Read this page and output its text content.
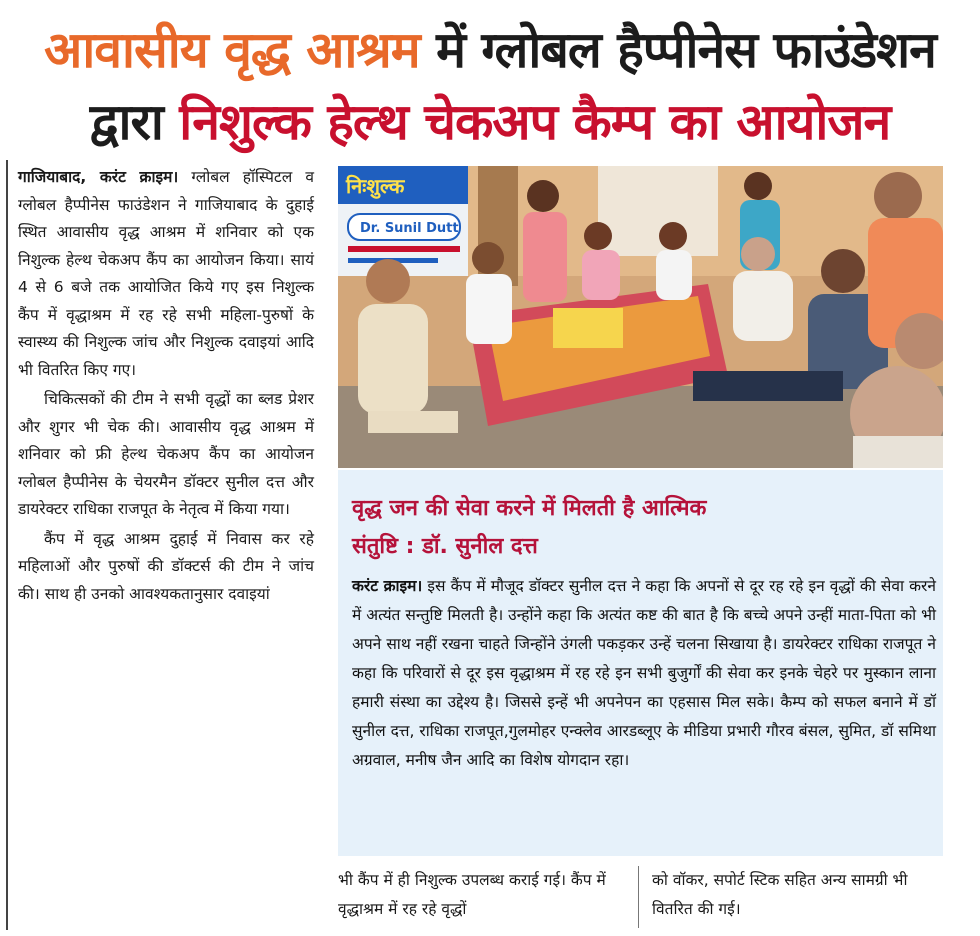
आवासीय वृद्ध आश्रम में ग्लोबल हैप्पीनेस फाउंडेशन
द्वारा निशुल्क हेल्थ चेकअप कैम्प का आयोजन

गाजियाबाद, करंट क्राइम। ग्लोबल हॉस्पिटल व ग्लोबल हैप्पीनेस फाउंडेशन ने गाजियाबाद के दुहाई स्थित आवासीय वृद्ध आश्रम में शनिवार को एक निशुल्क हेल्थ चेकअप कैंप का आयोजन किया। सायं 4 से 6 बजे तक आयोजित किये गए इस निशुल्क कैंप में वृद्धाश्रम में रह रहे सभी महिला-पुरुषों के स्वास्थ्य की निशुल्क जांच और निशुल्क दवाइयां आदि भी वितरित किए गए।

चिकित्सकों की टीम ने सभी वृद्धों का ब्लड प्रेशर और शुगर भी चेक की। आवासीय वृद्ध आश्रम में शनिवार को फ्री हेल्थ चेकअप कैंप का आयोजन ग्लोबल हैप्पीनेस के चेयरमैन डॉक्टर सुनील दत्त और डायरेक्टर राधिका राजपूत के नेतृत्व में किया गया।

कैंप में वृद्ध आश्रम दुहाई में निवास कर रहे महिलाओं और पुरुषों की डॉक्टर्स की टीम ने जांच की। साथ ही उनको आवश्यकतानुसार दवाइयां

निःशुल्क
Dr. Sunil Dutt
वृद्ध जन की सेवा करने में मिलती है आत्मिक
संतुष्टि : डॉ. सुनील दत्त

करंट क्राइम। इस कैंप में मौजूद डॉक्टर सुनील दत्त ने कहा कि अपनों से दूर रह रहे इन वृद्धों की सेवा करने में अत्यंत सन्तुष्टि मिलती है। उन्होंने कहा कि अत्यंत कष्ट की बात है कि बच्चे अपने उन्हीं माता-पिता को भी अपने साथ नहीं रखना चाहते जिन्होंने उंगली पकड़कर उन्हें चलना सिखाया है। डायरेक्टर राधिका राजपूत ने कहा कि परिवारों से दूर इस वृद्धाश्रम में रह रहे इन सभी बुजुर्गों की सेवा कर इनके चेहरे पर मुस्कान लाना हमारी संस्था का उद्देश्य है। जिससे इन्हें भी अपनेपन का एहसास मिल सके। कैम्प को सफल बनाने में डॉ सुनील दत्त, राधिका राजपूत,गुलमोहर एन्क्लेव आरडब्लूए के मीडिया प्रभारी गौरव बंसल, सुमित, डॉ समिथा अग्रवाल, मनीष जैन आदि का विशेष योगदान रहा।

भी कैंप में ही निशुल्क उपलब्ध कराई गई। कैंप में वृद्धाश्रम में रह रहे वृद्धों

को वॉकर, सपोर्ट स्टिक सहित अन्य सामग्री भी वितरित की गई।
